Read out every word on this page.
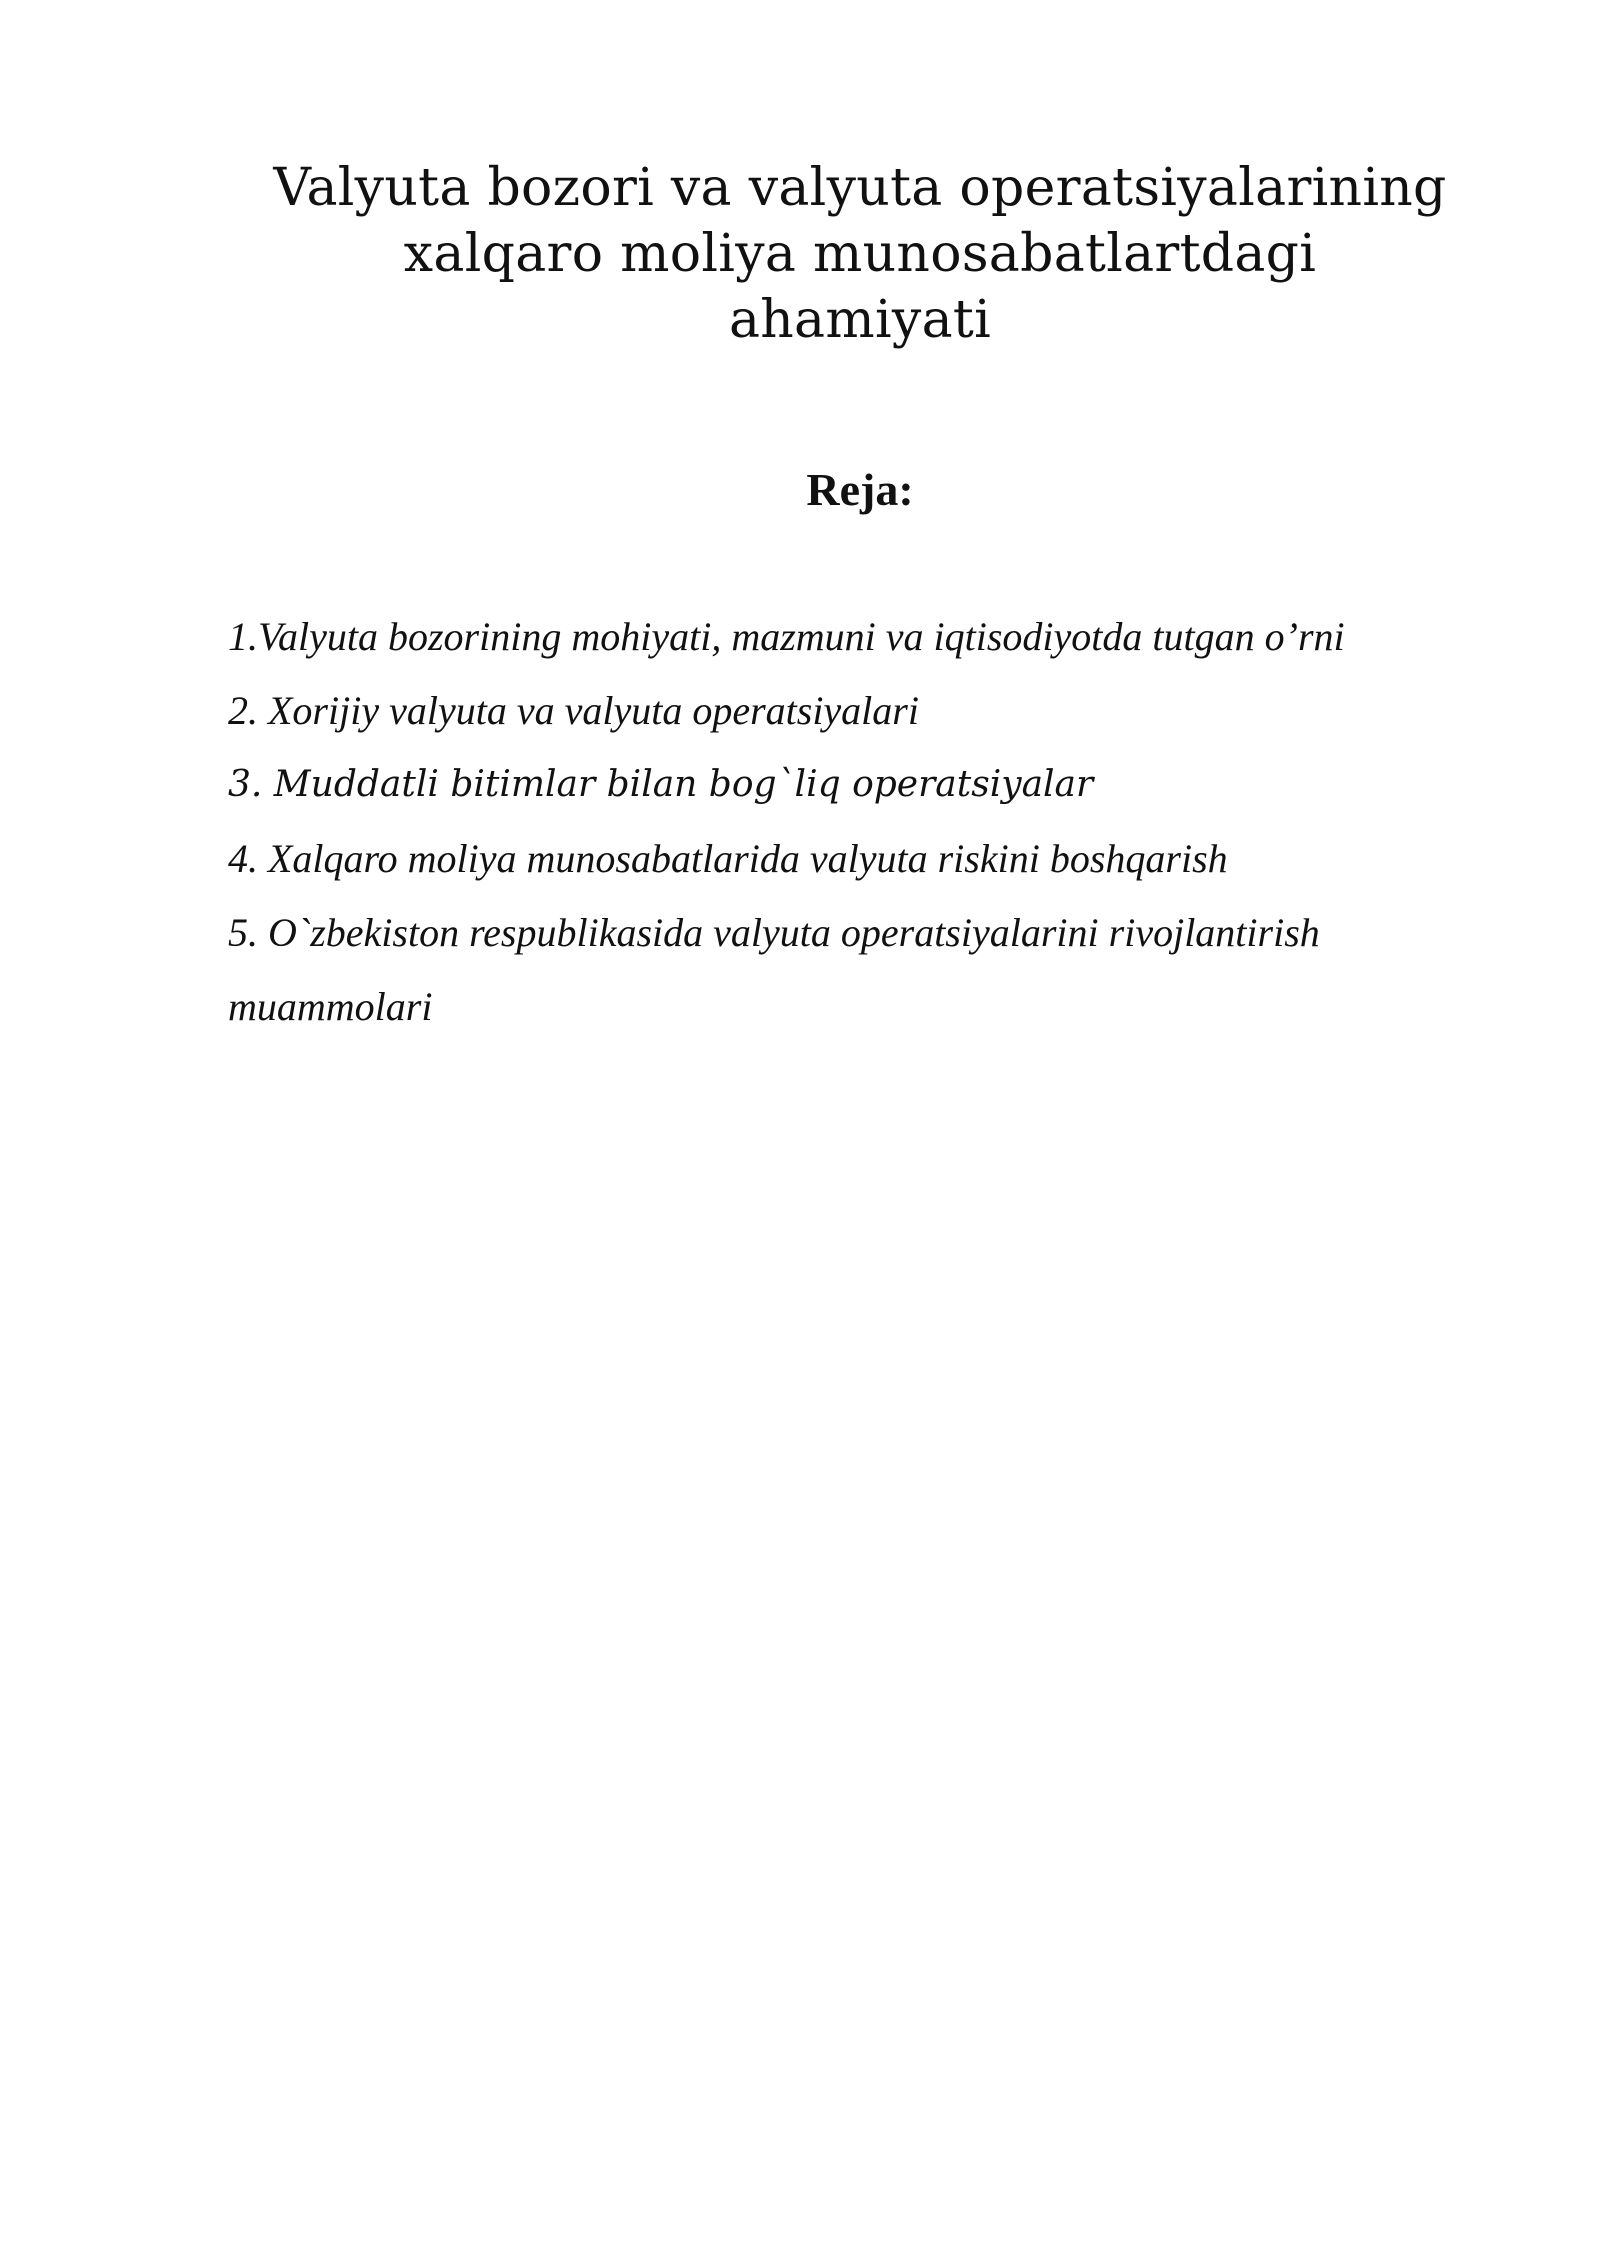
Valyuta bozori va valyuta operatsiyalarining
xalqaro moliya munosabatlartdagi ahamiyati
Reja:
1.Valyuta bozorining mohiyati, mazmuni va iqtisodiyotda tutgan o’rni
2. Xorijiy valyuta va valyuta operatsiyalari
3. Muddatli bitimlar bilan bog`liq operatsiyalar
4. Xalqaro moliya munosabatlarida valyuta riskini boshqarish
5. O`zbekiston respublikasida valyuta operatsiyalarini rivojlantirish
muammolari
